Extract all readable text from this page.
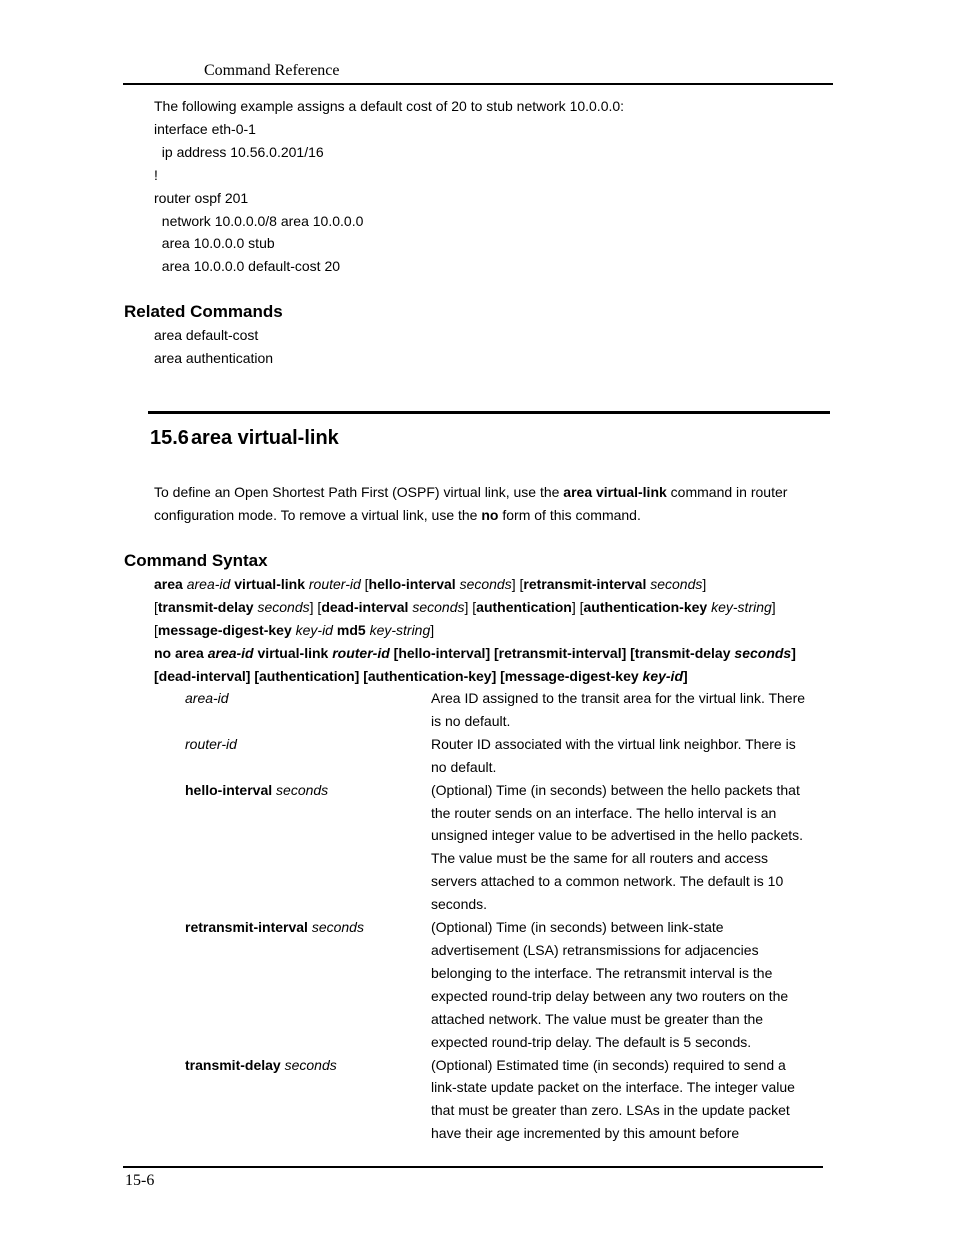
Command Reference
The following example assigns a default cost of 20 to stub network 10.0.0.0:
interface eth-0-1
ip address 10.56.0.201/16
!
router ospf 201
network 10.0.0.0/8 area 10.0.0.0
area 10.0.0.0 stub
area 10.0.0.0 default-cost 20
Related Commands
area default-cost
area authentication
15.6 area virtual-link
To define an Open Shortest Path First (OSPF) virtual link, use the area virtual-link command in router
configuration mode. To remove a virtual link, use the no form of this command.
Command Syntax
area area-id virtual-link router-id [hello-interval seconds] [retransmit-interval seconds]
[transmit-delay seconds] [dead-interval seconds] [authentication] [authentication-key key-string]
[message-digest-key key-id md5 key-string]
no area area-id virtual-link router-id [hello-interval] [retransmit-interval] [transmit-delay seconds]
[dead-interval] [authentication] [authentication-key] [message-digest-key key-id]
area-id	Area ID assigned to the transit area for the virtual link. There
is no default.
router-id	Router ID associated with the virtual link neighbor. There is
no default.
hello-interval seconds	(Optional) Time (in seconds) between the hello packets that
the router sends on an interface. The hello interval is an
unsigned integer value to be advertised in the hello packets.
The value must be the same for all routers and access
servers attached to a common network. The default is 10
seconds.
retransmit-interval seconds	(Optional) Time (in seconds) between link-state
advertisement (LSA) retransmissions for adjacencies
belonging to the interface. The retransmit interval is the
expected round-trip delay between any two routers on the
attached network. The value must be greater than the
expected round-trip delay. The default is 5 seconds.
transmit-delay seconds	(Optional) Estimated time (in seconds) required to send a
link-state update packet on the interface. The integer value
that must be greater than zero. LSAs in the update packet
have their age incremented by this amount before
15-6
